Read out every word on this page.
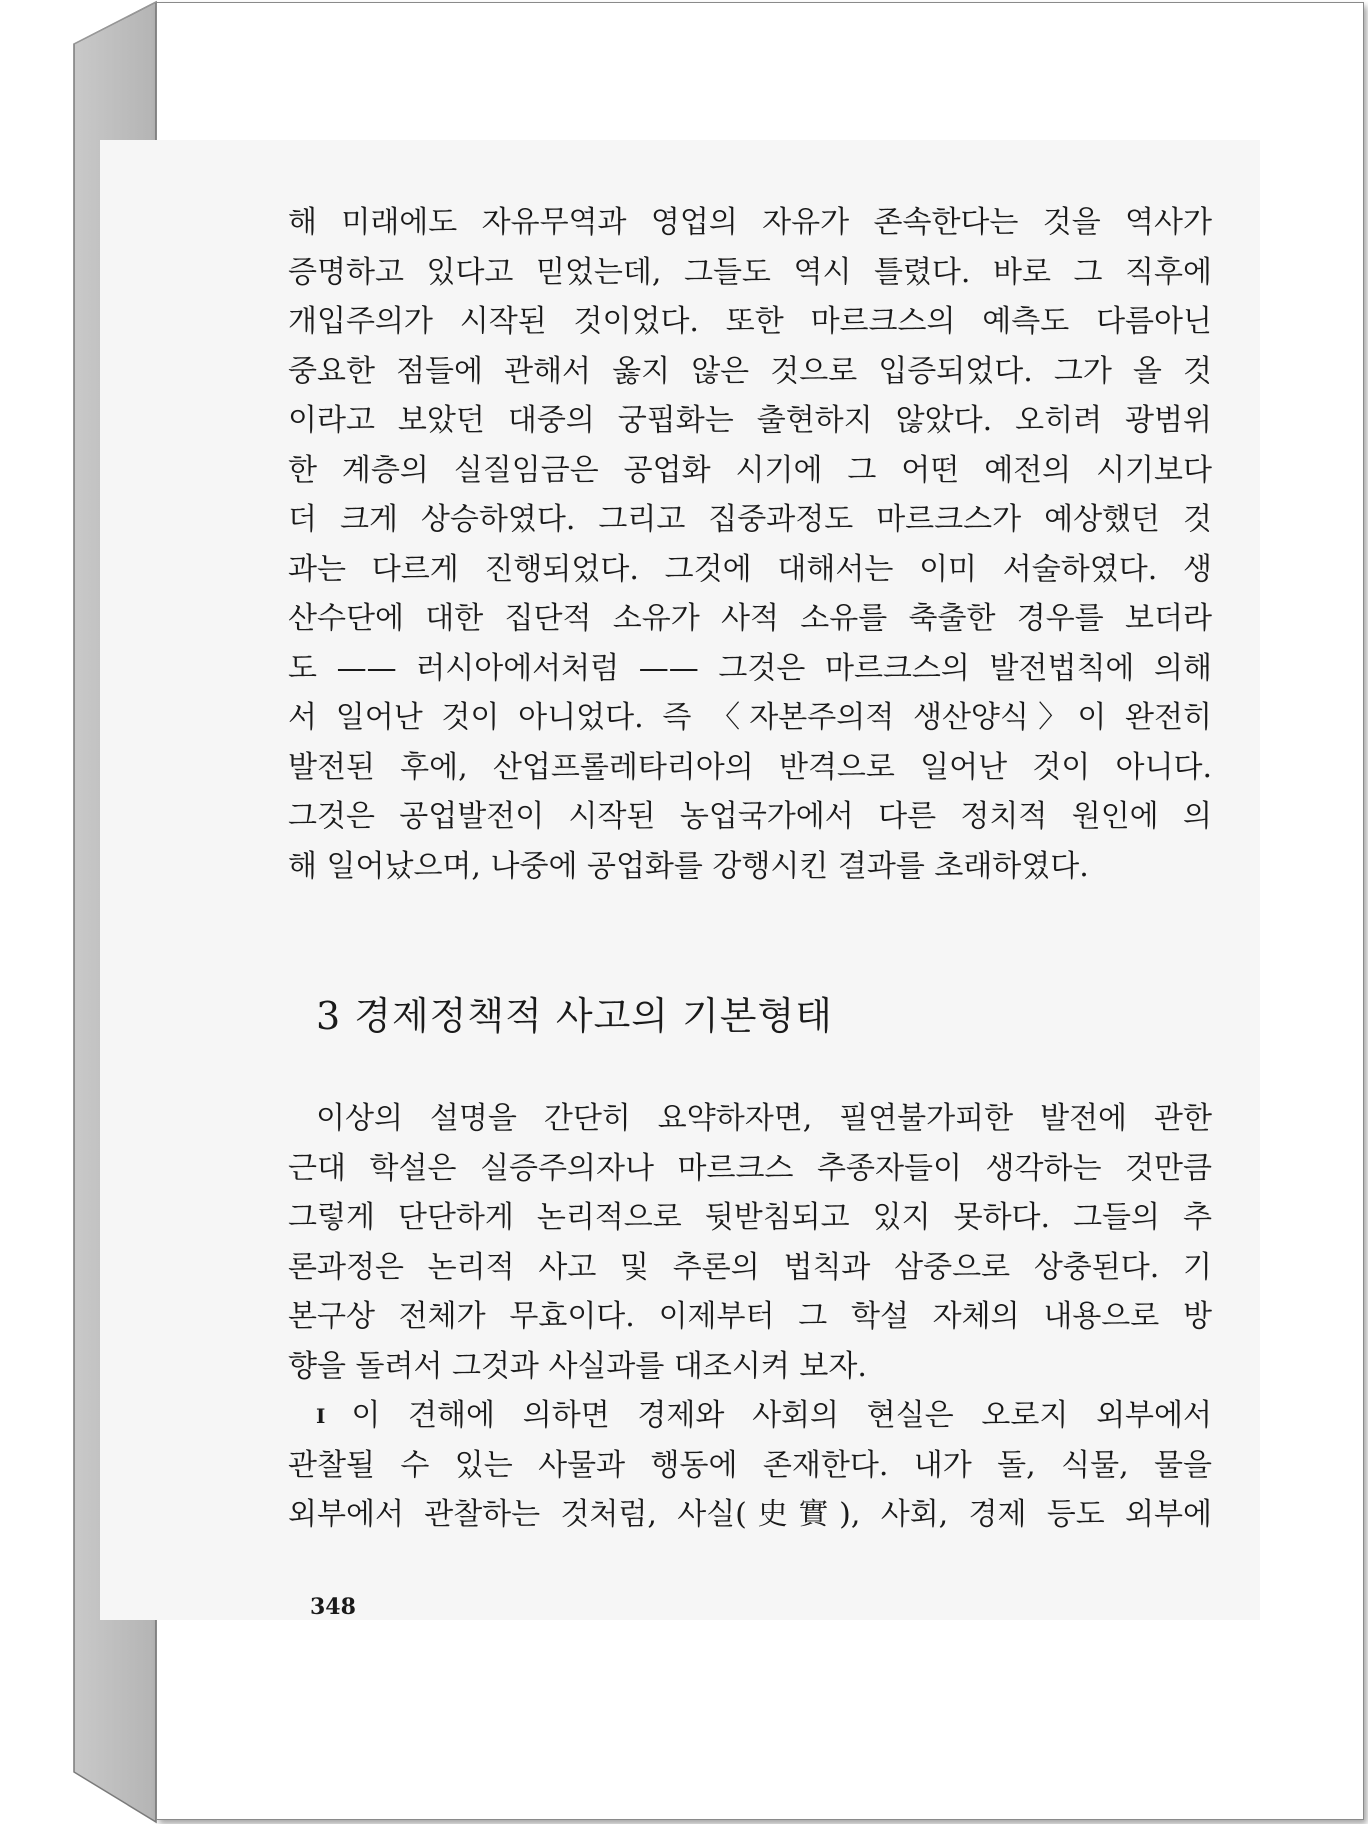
해 미래에도 자유무역과 영업의 자유가 존속한다는 것을 역사가
증명하고 있다고 믿었는데, 그들도 역시 틀렸다. 바로 그 직후에
개입주의가 시작된 것이었다. 또한 마르크스의 예측도 다름아닌
중요한 점들에 관해서 옳지 않은 것으로 입증되었다. 그가 올 것
이라고 보았던 대중의 궁핍화는 출현하지 않았다. 오히려 광범위
한 계층의 실질임금은 공업화 시기에 그 어떤 예전의 시기보다
더 크게 상승하였다. 그리고 집중과정도 마르크스가 예상했던 것
과는 다르게 진행되었다. 그것에 대해서는 이미 서술하였다. 생
산수단에 대한 집단적 소유가 사적 소유를 축출한 경우를 보더라
도 —— 러시아에서처럼 —— 그것은 마르크스의 발전법칙에 의해
서 일어난 것이 아니었다. 즉 〈자본주의적 생산양식〉이 완전히
발전된 후에, 산업프롤레타리아의 반격으로 일어난 것이 아니다.
그것은 공업발전이 시작된 농업국가에서 다른 정치적 원인에 의
해 일어났으며, 나중에 공업화를 강행시킨 결과를 초래하였다.
3 경제정책적 사고의 기본형태
이상의 설명을 간단히 요약하자면, 필연불가피한 발전에 관한
근대 학설은 실증주의자나 마르크스 추종자들이 생각하는 것만큼
그렇게 단단하게 논리적으로 뒷받침되고 있지 못하다. 그들의 추
론과정은 논리적 사고 및 추론의 법칙과 삼중으로 상충된다. 기
본구상 전체가 무효이다. 이제부터 그 학설 자체의 내용으로 방
향을 돌려서 그것과 사실과를 대조시켜 보자.
I 이 견해에 의하면 경제와 사회의 현실은 오로지 외부에서
관찰될 수 있는 사물과 행동에 존재한다. 내가 돌, 식물, 물을
외부에서 관찰하는 것처럼, 사실(史實), 사회, 경제 등도 외부에
348
